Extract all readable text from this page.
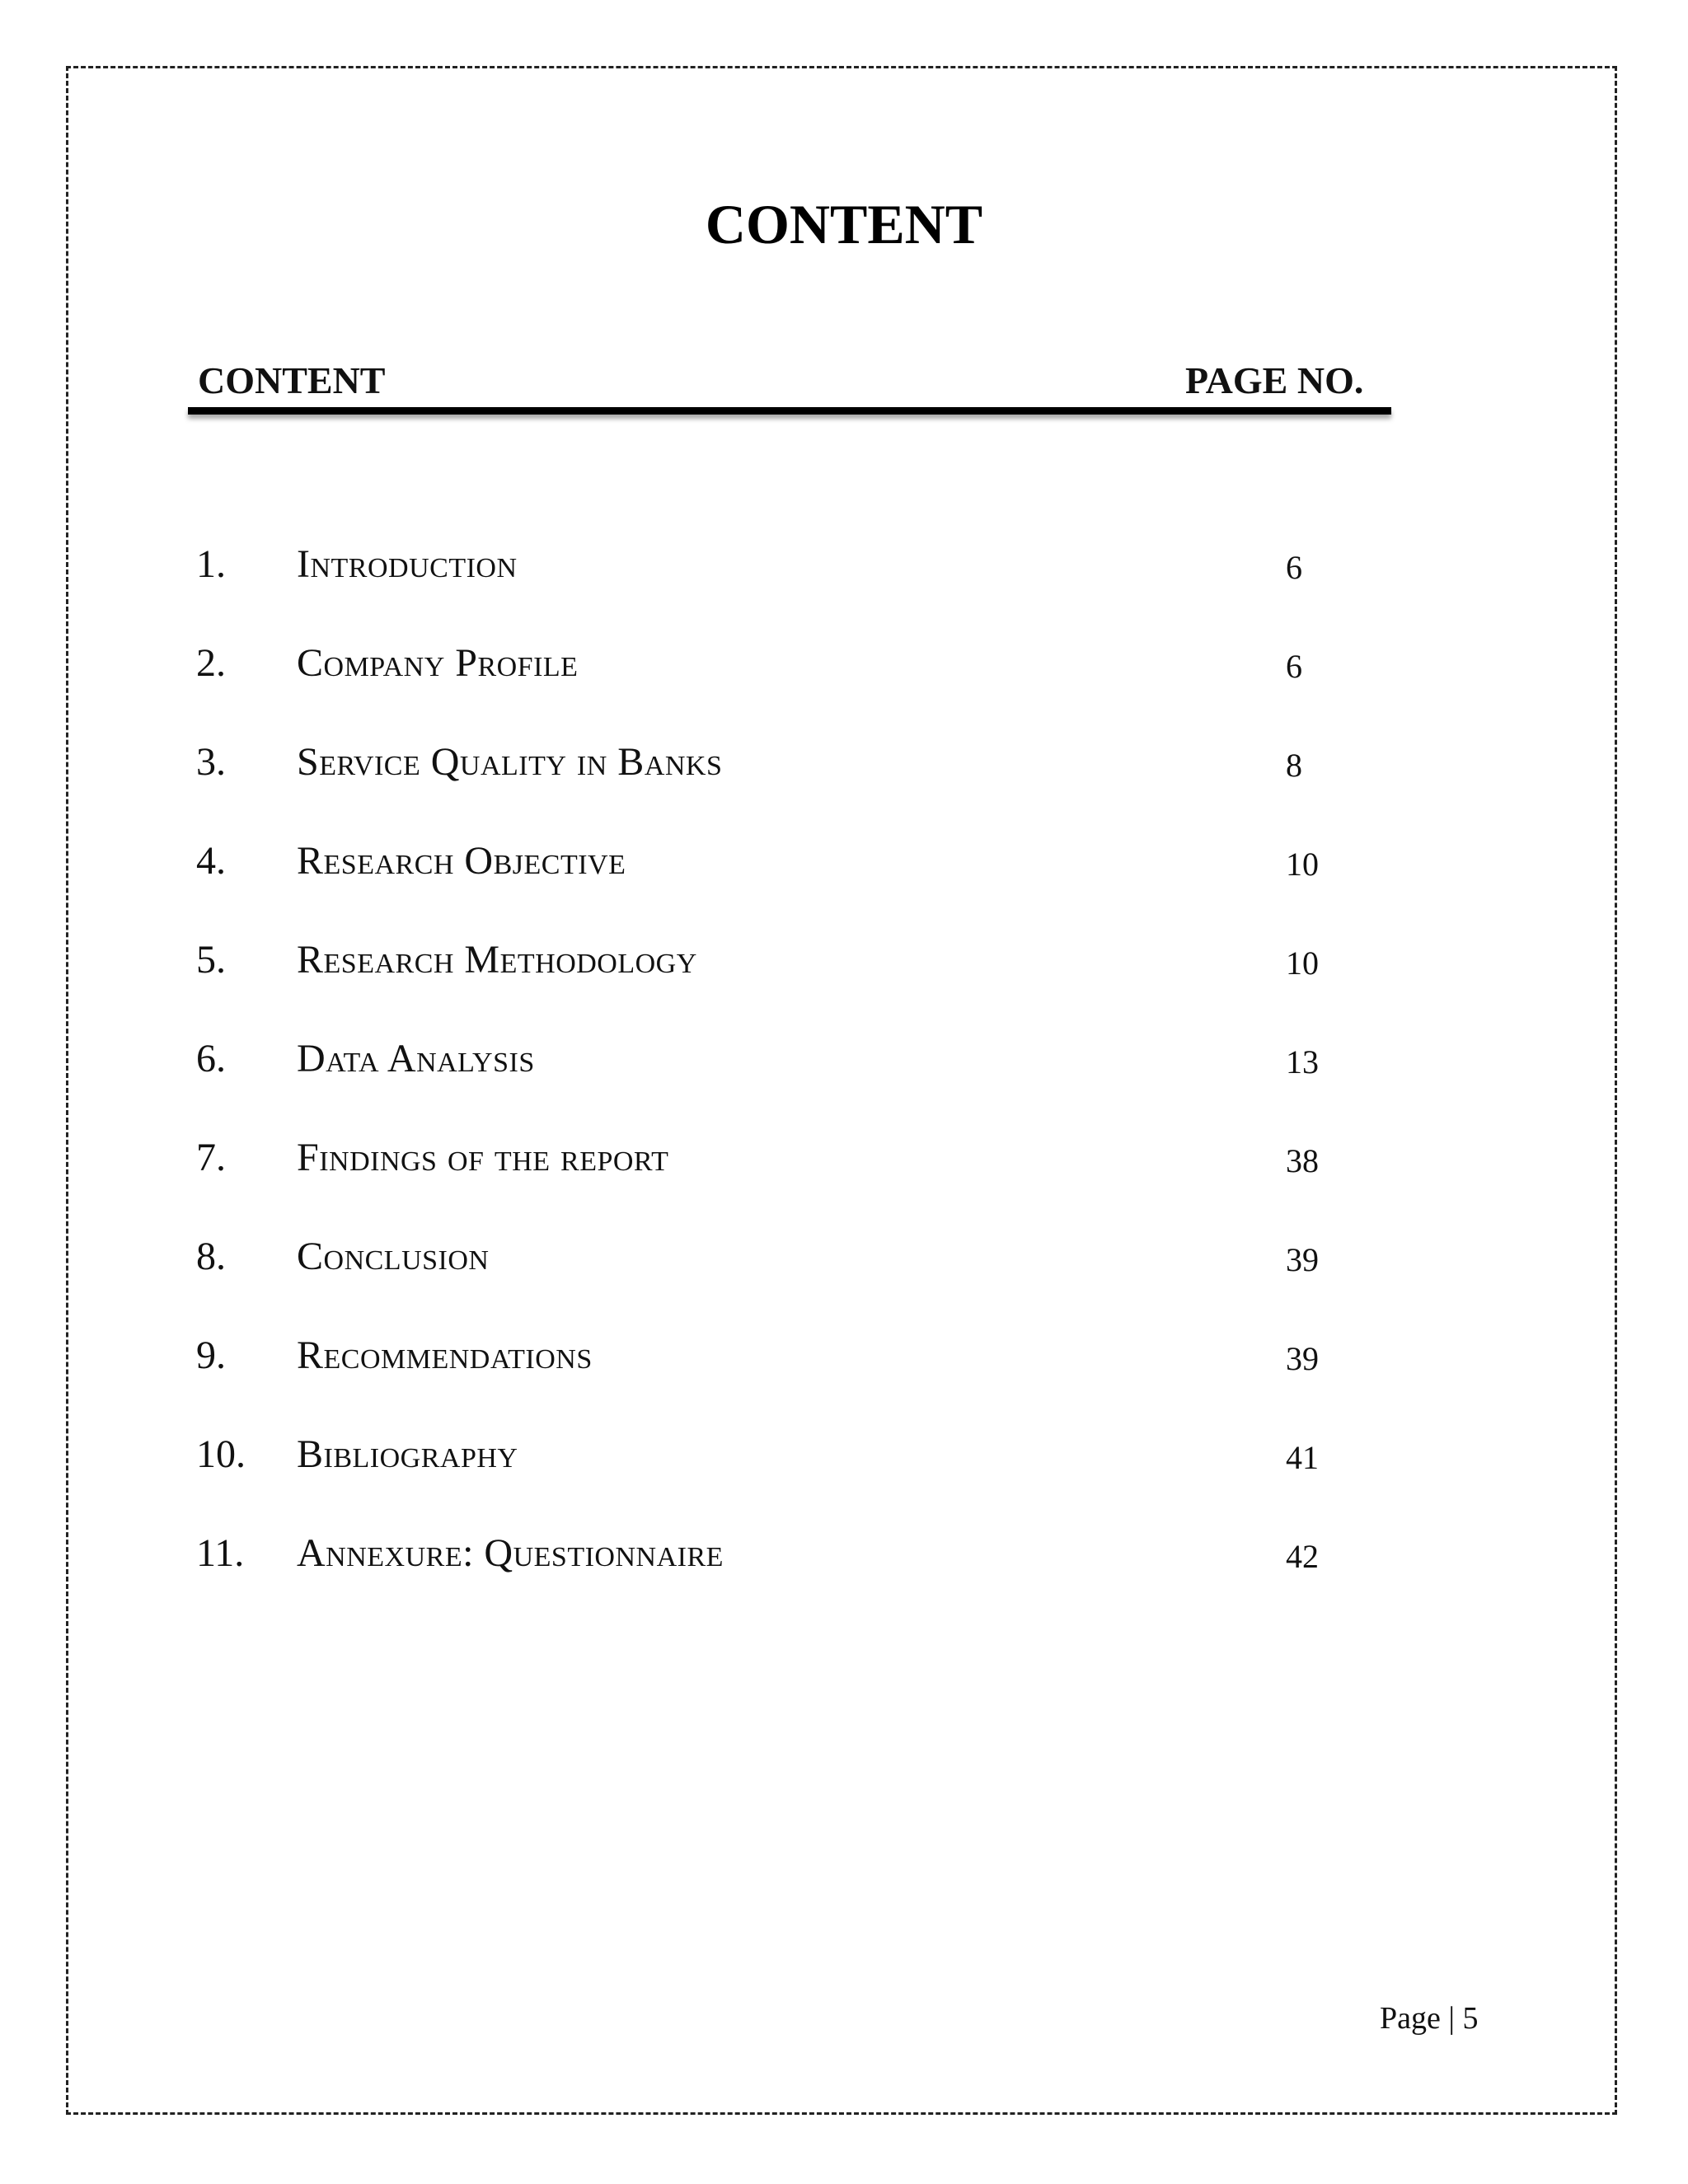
CONTENT
CONTENT	PAGE NO.
1. Introduction	6
2. Company Profile	6
3. Service Quality in Banks	8
4. Research Objective	10
5. Research Methodology	10
6. Data Analysis	13
7. Findings of the report	38
8. Conclusion	39
9. Recommendations	39
10. Bibliography	41
11. Annexure: Questionnaire	42
Page | 5
